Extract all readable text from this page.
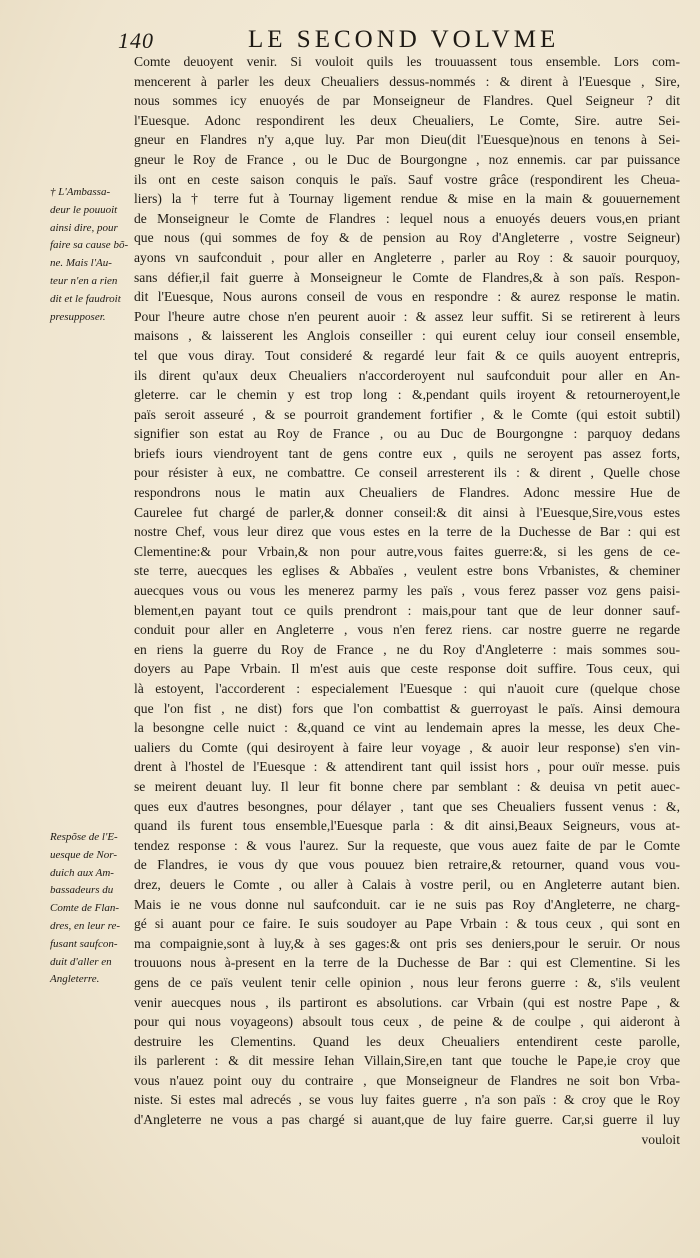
140	LE SECOND VOLVME
† L'Ambassa-
deur le pouuoit
ainsi dire, pour
faire sa cause bõ-
ne. Mais l'Au-
teur n'en a rien
dit et le faudroit
presupposer.
Respõse de l'E-
uesque de Nor-
duich aux Am-
bassadeurs du
Comte de Flan-
dres, en leur re-
fusant saufcon-
duit d'aller en
Angleterre.
Comte deuoyent venir. Si vouloit quils les trouuassent tous ensemble. Lors com-
mencerent à parler les deux Cheualiers dessus-nommés : & dirent à l'Euesque , Sire,
nous sommes icy enuoyés de par Monseigneur de Flandres. Quel Seigneur ? dit
l'Euesque. Adonc respondirent les deux Cheualiers, Le Comte, Sire. autre Sei-
gneur en Flandres n'y a,que luy. Par mon Dieu(dit l'Euesque)nous en tenons à Sei-
gneur le Roy de France , ou le Duc de Bourgongne , noz ennemis. car par puissance
ils ont en ceste saison conquis le païs. Sauf vostre grâce (respondirent les Cheua-
liers) la † terre fut à Tournay ligement rendue & mise en la main & gouuernement
de Monseigneur le Comte de Flandres : lequel nous a enuoyés deuers vous,en priant
que nous (qui sommes de foy & de pension au Roy d'Angleterre , vostre Seigneur)
ayons vn saufconduit , pour aller en Angleterre , parler au Roy : & sauoir pourquoy,
sans défier,il fait guerre à Monseigneur le Comte de Flandres,& à son païs. Respon-
dit l'Euesque, Nous aurons conseil de vous en respondre : & aurez response le matin.
Pour l'heure autre chose n'en peurent auoir : & assez leur suffit. Si se retirerent à leurs
maisons , & laisserent les Anglois conseiller : qui eurent celuy iour conseil ensemble,
tel que vous diray. Tout consideré & regardé leur fait & ce quils auoyent entrepris,
ils dirent qu'aux deux Cheualiers n'accorderoyent nul saufconduit pour aller en An-
gleterre. car le chemin y est trop long : &,pendant quils iroyent & retourneroyent,le
païs seroit asseuré , & se pourroit grandement fortifier , & le Comte (qui estoit subtil)
signifier son estat au Roy de France , ou au Duc de Bourgongne : parquoy dedans
briefs iours viendroyent tant de gens contre eux , quils ne seroyent pas assez forts,
pour résister à eux, ne combattre. Ce conseil arresterent ils : & dirent , Quelle chose
respondrons nous le matin aux Cheualiers de Flandres. Adonc messire Hue de
Caurelee fut chargé de parler,& donner conseil:& dit ainsi à l'Euesque,Sire,vous estes
nostre Chef, vous leur direz que vous estes en la terre de la Duchesse de Bar : qui est
Clementine:& pour Vrbain,& non pour autre,vous faites guerre:&, si les gens de ce-
ste terre, auecques les eglises & Abbaïes , veulent estre bons Vrbanistes, & cheminer
auecques vous ou vous les menerez parmy les païs , vous ferez passer voz gens paisi-
blement,en payant tout ce quils prendront : mais,pour tant que de leur donner sauf-
conduit pour aller en Angleterre , vous n'en ferez riens. car nostre guerre ne regarde
en riens la guerre du Roy de France , ne du Roy d'Angleterre : mais sommes sou-
doyers au Pape Vrbain. Il m'est auis que ceste response doit suffire. Tous ceux, qui
là estoyent, l'accorderent : especialement l'Euesque : qui n'auoit cure (quelque chose
que l'on fist , ne dist) fors que l'on combattist & guerroyast le païs. Ainsi demoura
la besongne celle nuict : &,quand ce vint au lendemain apres la messe, les deux Che-
ualiers du Comte (qui desiroyent à faire leur voyage , & auoir leur response) s'en vin-
drent à l'hostel de l'Euesque : & attendirent tant quil issist hors , pour ouïr messe. puis
se meirent deuant luy. Il leur fit bonne chere par semblant : & deuisa vn petit auec-
ques eux d'autres besongnes, pour délayer , tant que ses Cheualiers fussent venus : &,
quand ils furent tous ensemble,l'Euesque parla : & dit ainsi,Beaux Seigneurs, vous at-
tendez response : & vous l'aurez. Sur la requeste, que vous auez faite de par le Comte
de Flandres, ie vous dy que vous pouuez bien retraire,& retourner, quand vous vou-
drez, deuers le Comte , ou aller à Calais à vostre peril, ou en Angleterre autant bien.
Mais ie ne vous donne nul saufconduit. car ie ne suis pas Roy d'Angleterre, ne charg-
gé si auant pour ce faire. Ie suis soudoyer au Pape Vrbain : & tous ceux , qui sont en
ma compaignie,sont à luy,& à ses gages:& ont pris ses deniers,pour le seruir. Or nous
trouuons nous à-present en la terre de la Duchesse de Bar : qui est Clementine. Si les
gens de ce païs veulent tenir celle opinion , nous leur ferons guerre : &, s'ils veulent
venir auecques nous , ils partiront es absolutions. car Vrbain (qui est nostre Pape , &
pour qui nous voyageons) absoult tous ceux , de peine & de coulpe , qui aideront à
destruire les Clementins. Quand les deux Cheualiers entendirent ceste parolle,
ils parlerent : & dit messire Iehan Villain,Sire,en tant que touche le Pape,ie croy que
vous n'auez point ouy du contraire , que Monseigneur de Flandres ne soit bon Vrba-
niste. Si estes mal adrecés , se vous luy faites guerre , n'a son païs : & croy que le Roy
d'Angleterre ne vous a pas chargé si auant,que de luy faire guerre. Car,si guerre il luy
vouloit
